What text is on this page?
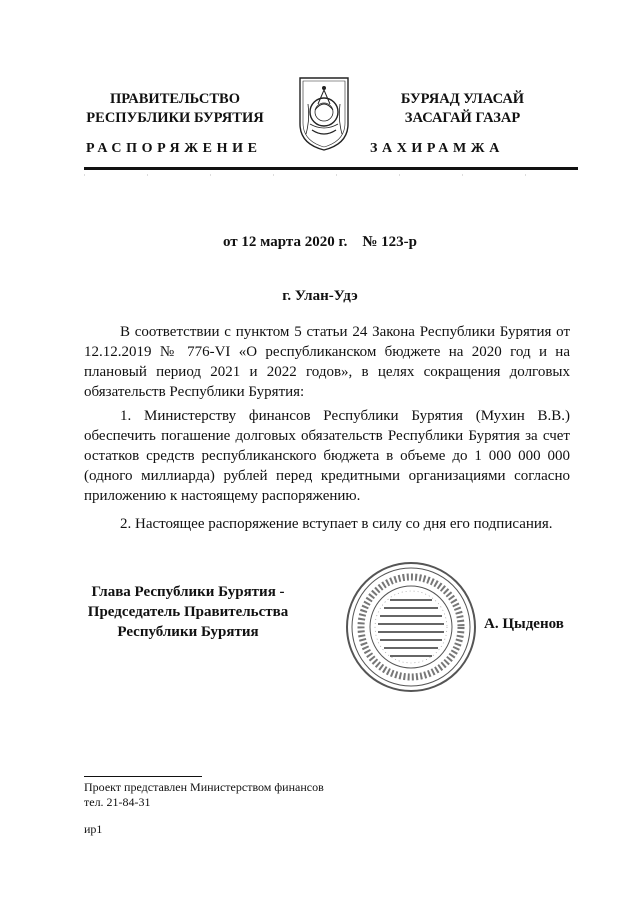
ПРАВИТЕЛЬСТВО
РЕСПУБЛИКИ БУРЯТИЯ
БУРЯАД УЛАСАЙ
ЗАСАГАЙ ГАЗАР
РАСПОРЯЖЕНИЕ	ЗАХИРАМЖА
от 12 марта 2020 г.    № 123-р
г. Улан-Удэ
В соответствии с пунктом 5 статьи 24 Закона Республики Бурятия от 12.12.2019 № 776-VI «О республиканском бюджете на 2020 год и на плановый период 2021 и 2022 годов», в целях сокращения долговых обязательств Республики Бурятия:
1. Министерству финансов Республики Бурятия (Мухин В.В.) обеспечить погашение долговых обязательств Республики Бурятия за счет остатков средств республиканского бюджета в объеме до 1 000 000 000 (одного миллиарда) рублей перед кредитными организациями согласно приложению к настоящему распоряжению.
2. Настоящее распоряжение вступает в силу со дня его подписания.
Глава Республики Бурятия -
Председатель Правительства
Республики Бурятия	А. Цыденов
Проект представлен Министерством финансов
тел. 21-84-31
ир1
